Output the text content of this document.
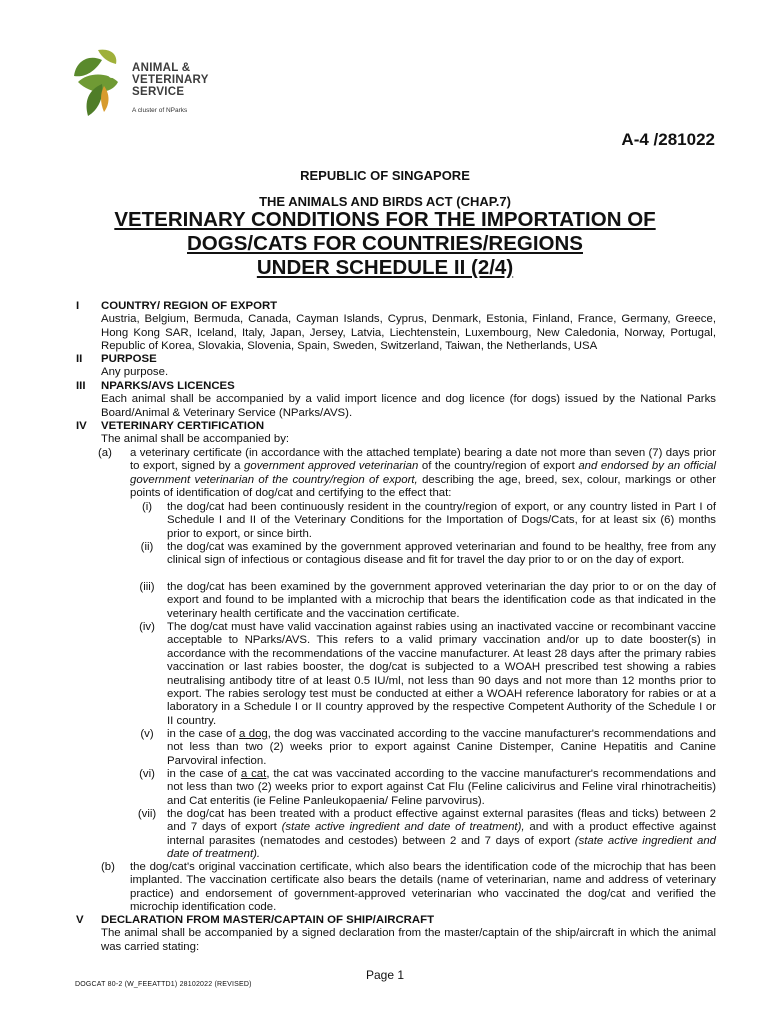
ANIMAL &
VETERINARY
SERVICE
A cluster of NParks
A-4 /281022
REPUBLIC OF SINGAPORE
THE ANIMALS AND BIRDS ACT (CHAP.7)
VETERINARY CONDITIONS FOR THE IMPORTATION OF
DOGS/CATS FOR COUNTRIES/REGIONS
UNDER SCHEDULE II (2/4)
I COUNTRY/ REGION OF EXPORT
Austria, Belgium, Bermuda, Canada, Cayman Islands, Cyprus, Denmark, Estonia, Finland, France, Germany, Greece, Hong Kong SAR, Iceland, Italy, Japan, Jersey, Latvia, Liechtenstein, Luxembourg, New Caledonia, Norway, Portugal, Republic of Korea, Slovakia, Slovenia, Spain, Sweden, Switzerland, Taiwan, the Netherlands, USA
II PURPOSE
Any purpose.
III NPARKS/AVS LICENCES
Each animal shall be accompanied by a valid import licence and dog licence (for dogs) issued by the National Parks Board/Animal & Veterinary Service (NParks/AVS).
IV VETERINARY CERTIFICATION
The animal shall be accompanied by:
(a) a veterinary certificate (in accordance with the attached template) bearing a date not more than seven (7) days prior to export, signed by a government approved veterinarian of the country/region of export and endorsed by an official government veterinarian of the country/region of export, describing the age, breed, sex, colour, markings or other points of identification of dog/cat and certifying to the effect that:
(i)	the dog/cat had been continuously resident in the country/region of export, or any country listed in Part I of Schedule I and II of the Veterinary Conditions for the Importation of Dogs/Cats, for at least six (6) months prior to export, or since birth.
(ii)	the dog/cat was examined by the government approved veterinarian and found to be healthy, free from any clinical sign of infectious or contagious disease and fit for travel the day prior to or on the day of export.
(iii)	the dog/cat has been examined by the government approved veterinarian the day prior to or on the day of export and found to be implanted with a microchip that bears the identification code as that indicated in the veterinary health certificate and the vaccination certificate.
(iv)	The dog/cat must have valid vaccination against rabies using an inactivated vaccine or recombinant vaccine acceptable to NParks/AVS. This refers to a valid primary vaccination and/or up to date booster(s) in accordance with the recommendations of the vaccine manufacturer. At least 28 days after the primary rabies vaccination or last rabies booster, the dog/cat is subjected to a WOAH prescribed test showing a rabies neutralising antibody titre of at least 0.5 IU/ml, not less than 90 days and not more than 12 months prior to export. The rabies serology test must be conducted at either a WOAH reference laboratory for rabies or at a laboratory in a Schedule I or II country approved by the respective Competent Authority of the Schedule I or II country.
(v)	in the case of a dog, the dog was vaccinated according to the vaccine manufacturer's recommendations and not less than two (2) weeks prior to export against Canine Distemper, Canine Hepatitis and Canine Parvoviral infection.
(vi)	in the case of a cat, the cat was vaccinated according to the vaccine manufacturer's recommendations and not less than two (2) weeks prior to export against Cat Flu (Feline calicivirus and Feline viral rhinotracheitis) and Cat enteritis (ie Feline Panleukopaenia/ Feline parvovirus).
(vii) the dog/cat has been treated with a product effective against external parasites (fleas and ticks) between 2 and 7 days of export (state active ingredient and date of treatment), and with a product effective against internal parasites (nematodes and cestodes) between 2 and 7 days of export (state active ingredient and date of treatment).
(b) the dog/cat's original vaccination certificate, which also bears the identification code of the microchip that has been implanted. The vaccination certificate also bears the details (name of veterinarian, name and address of veterinary practice) and endorsement of government-approved veterinarian who vaccinated the dog/cat and verified the microchip identification code.
V DECLARATION FROM MASTER/CAPTAIN OF SHIP/AIRCRAFT
The animal shall be accompanied by a signed declaration from the master/captain of the ship/aircraft in which the animal was carried stating:
Page 1
DOGCAT 80-2 (W_FEEATTD1) 28102022 (REVISED)
